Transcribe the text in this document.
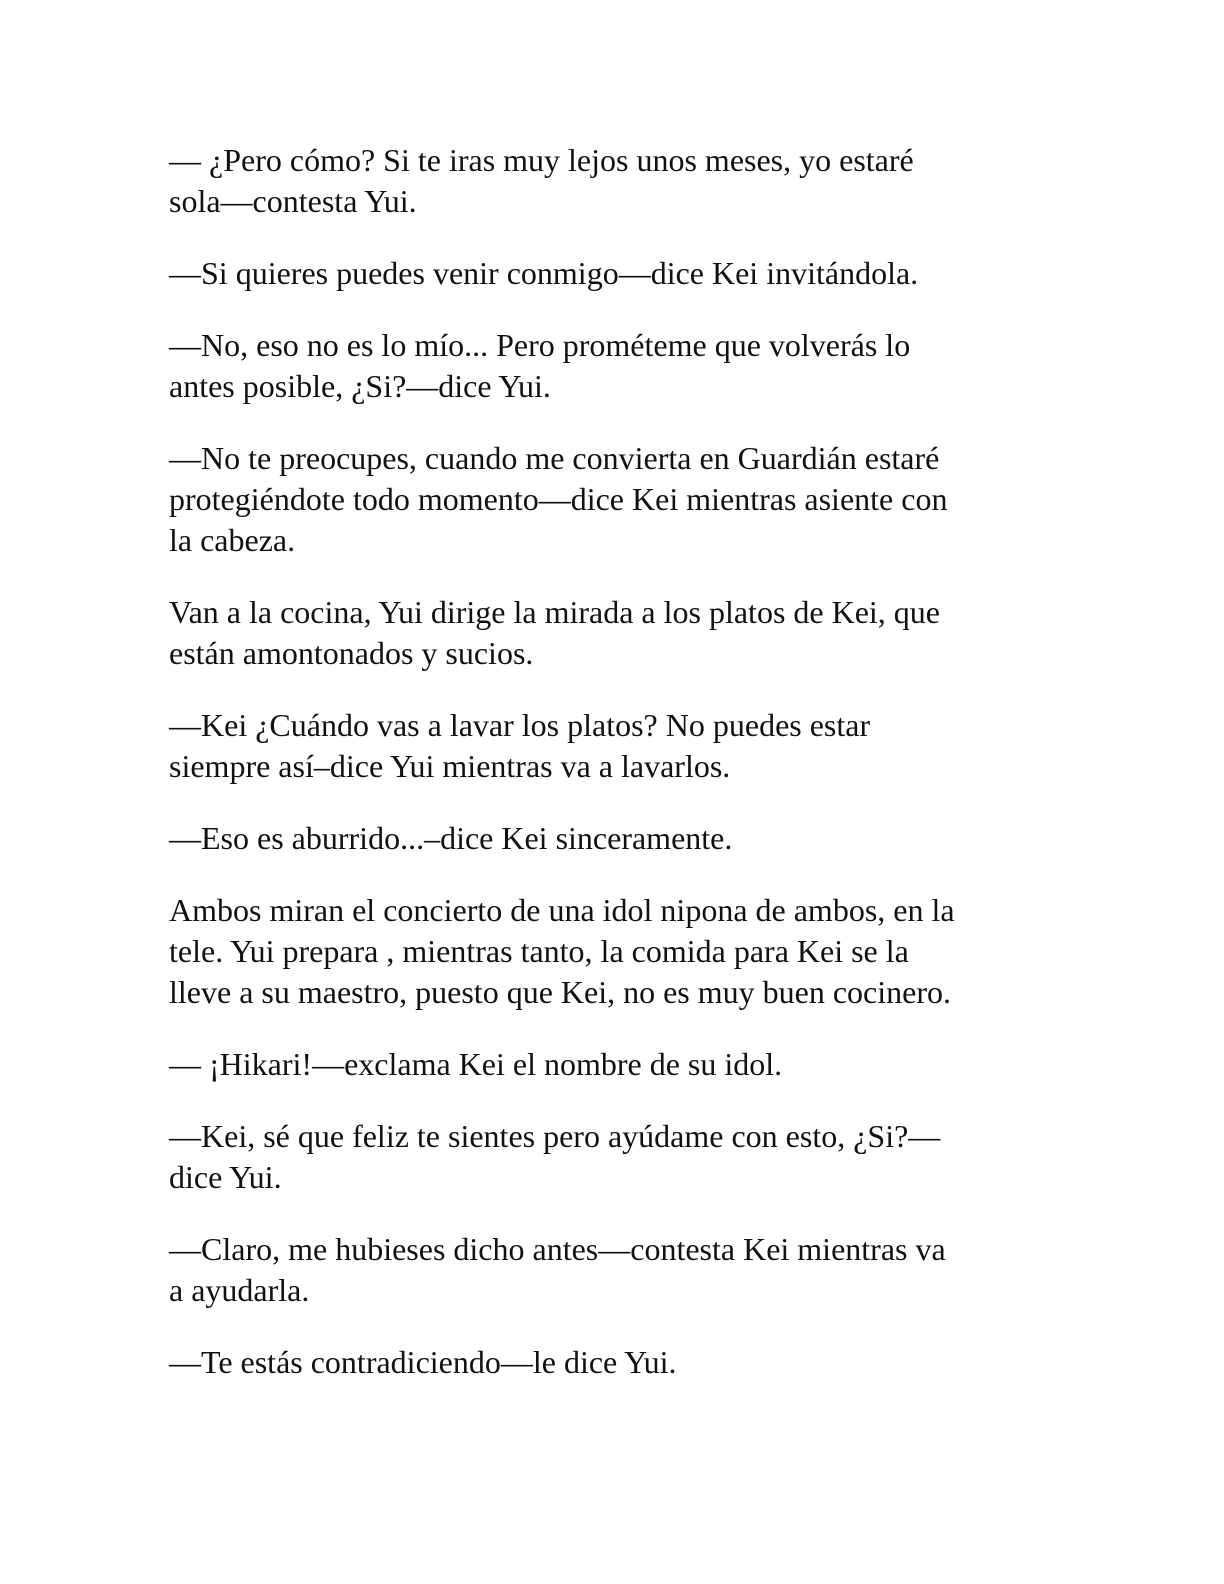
— ¿Pero cómo? Si te iras muy lejos unos meses, yo estaré
sola—contesta Yui.

—Si quieres puedes venir conmigo—dice Kei invitándola.

—No, eso no es lo mío... Pero prométeme que volverás lo
antes posible, ¿Si?—dice Yui.

—No te preocupes, cuando me convierta en Guardián estaré
protegiéndote todo momento—dice Kei mientras asiente con
la cabeza.

Van a la cocina, Yui dirige la mirada a los platos de Kei, que
están amontonados y sucios.

—Kei ¿Cuándo vas a lavar los platos? No puedes estar
siempre así–dice Yui mientras va a lavarlos.

—Eso es aburrido...–dice Kei sinceramente.

Ambos miran el concierto de una idol nipona de ambos, en la
tele. Yui prepara , mientras tanto, la comida para Kei se la
lleve a su maestro, puesto que Kei, no es muy buen cocinero.

— ¡Hikari!—exclama Kei el nombre de su idol.

—Kei, sé que feliz te sientes pero ayúdame con esto, ¿Si?—
dice Yui.

—Claro, me hubieses dicho antes—contesta Kei mientras va
a ayudarla.

—Te estás contradiciendo—le dice Yui.
